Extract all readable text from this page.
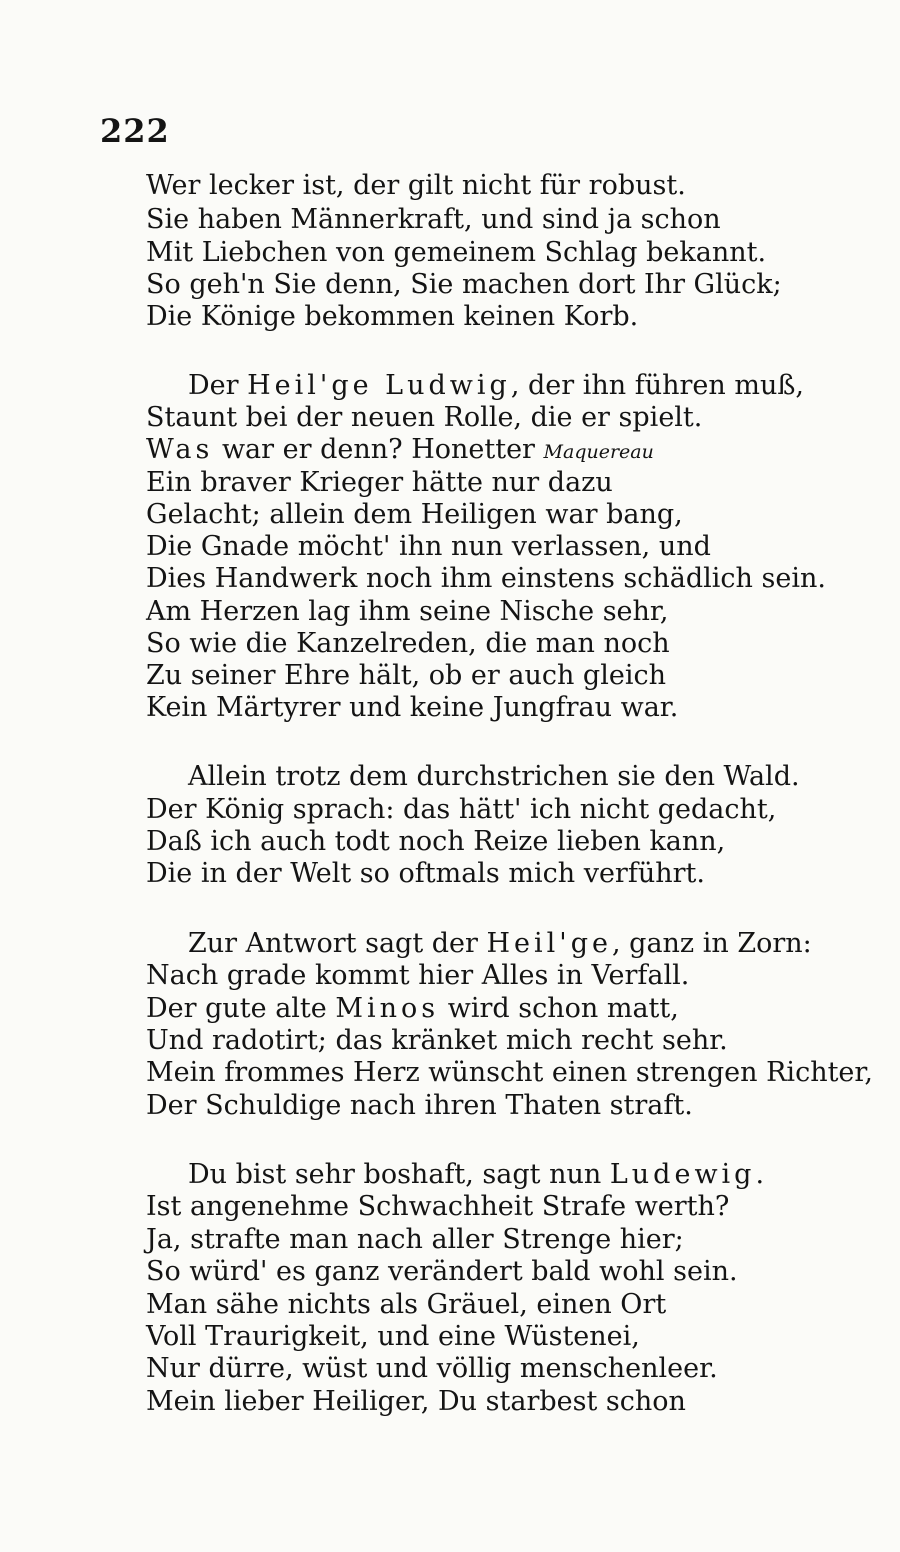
222
Wer lecker ist, der gilt nicht für robust.
Sie haben Männerkraft, und sind ja schon
Mit Liebchen von gemeinem Schlag bekannt.
So geh'n Sie denn, Sie machen dort Ihr Glück;
Die Könige bekommen keinen Korb.
Der Heil'ge Ludwig, der ihn führen muß,
Staunt bei der neuen Rolle, die er spielt.
Was war er denn? Honetter Maquereau
Ein braver Krieger hätte nur dazu
Gelacht; allein dem Heiligen war bang,
Die Gnade möcht' ihn nun verlassen, und
Dies Handwerk noch ihm einstens schädlich sein.
Am Herzen lag ihm seine Nische sehr,
So wie die Kanzelreden, die man noch
Zu seiner Ehre hält, ob er auch gleich
Kein Märtyrer und keine Jungfrau war.
Allein trotz dem durchstrichen sie den Wald.
Der König sprach: das hätt' ich nicht gedacht,
Daß ich auch todt noch Reize lieben kann,
Die in der Welt so oftmals mich verführt.
Zur Antwort sagt der Heil'ge, ganz in Zorn:
Nach grade kommt hier Alles in Verfall.
Der gute alte Minos wird schon matt,
Und radotirt; das kränket mich recht sehr.
Mein frommes Herz wünscht einen strengen Richter,
Der Schuldige nach ihren Thaten straft.
Du bist sehr boshaft, sagt nun Ludewig.
Ist angenehme Schwachheit Strafe werth?
Ja, strafte man nach aller Strenge hier;
So würd' es ganz verändert bald wohl sein.
Man sähe nichts als Gräuel, einen Ort
Voll Traurigkeit, und eine Wüstenei,
Nur dürre, wüst und völlig menschenleer.
Mein lieber Heiliger, Du starbest schon
